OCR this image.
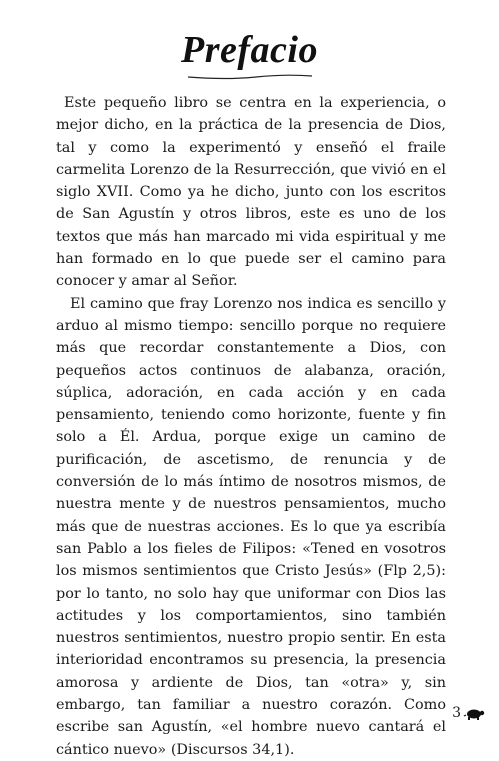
Prefacio

Este pequeño libro se centra en la experiencia, o mejor dicho, en la práctica de la presencia de Dios, tal y como la experimentó y enseñó el fraile carmelita Lorenzo de la Resurrección, que vivió en el siglo XVII. Como ya he dicho, junto con los escritos de San Agustín y otros libros, este es uno de los textos que más han marcado mi vida espiritual y me han formado en lo que puede ser el camino para conocer y amar al Señor.

El camino que fray Lorenzo nos indica es sencillo y arduo al mismo tiempo: sencillo porque no requiere más que recordar constantemente a Dios, con pequeños actos continuos de alabanza, oración, súplica, adoración, en cada acción y en cada pensamiento, teniendo como horizonte, fuente y fin solo a Él. Ardua, porque exige un camino de purificación, de ascetismo, de renuncia y de conversión de lo más íntimo de nosotros mismos, de nuestra mente y de nuestros pensamientos, mucho más que de nuestras acciones. Es lo que ya escribía san Pablo a los fieles de Filipos: «Tened en vosotros los mismos sentimientos que Cristo Jesús» (Flp 2,5): por lo tanto, no solo hay que uniformar con Dios las actitudes y los comportamientos, sino también nuestros sentimientos, nuestro propio sentir. En esta interioridad encontramos su presencia, la presencia amorosa y ardiente de Dios, tan «otra» y, sin embargo, tan familiar a nuestro corazón. Como escribe san Agustín, «el hombre nuevo cantará el cántico nuevo» (Discursos 34,1).

3
